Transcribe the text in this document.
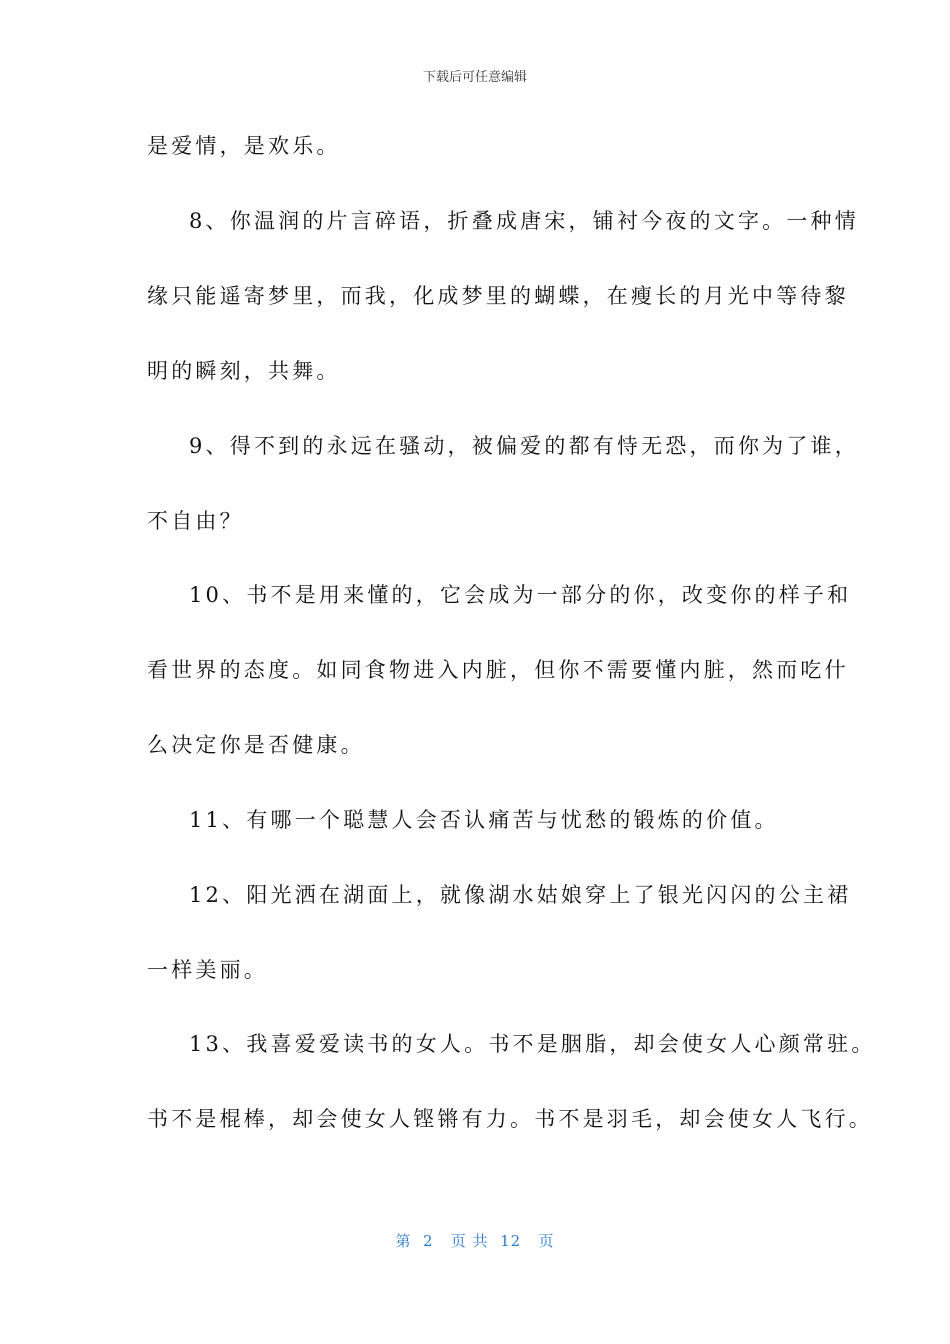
下载后可任意编辑
是爱情，是欢乐。
8、你温润的片言碎语，折叠成唐宋，铺衬今夜的文字。一种情
缘只能遥寄梦里，而我，化成梦里的蝴蝶，在瘦长的月光中等待黎
明的瞬刻，共舞。
9、得不到的永远在骚动，被偏爱的都有恃无恐，而你为了谁，
不自由？
10、书不是用来懂的，它会成为一部分的你，改变你的样子和
看世界的态度。如同食物进入内脏，但你不需要懂内脏，然而吃什
么决定你是否健康。
11、有哪一个聪慧人会否认痛苦与忧愁的锻炼的价值。
12、阳光洒在湖面上，就像湖水姑娘穿上了银光闪闪的公主裙
一样美丽。
13、我喜爱爱读书的女人。书不是胭脂，却会使女人心颜常驻。
书不是棍棒，却会使女人铿锵有力。书不是羽毛，却会使女人飞行。
第  2   页 共  12   页
